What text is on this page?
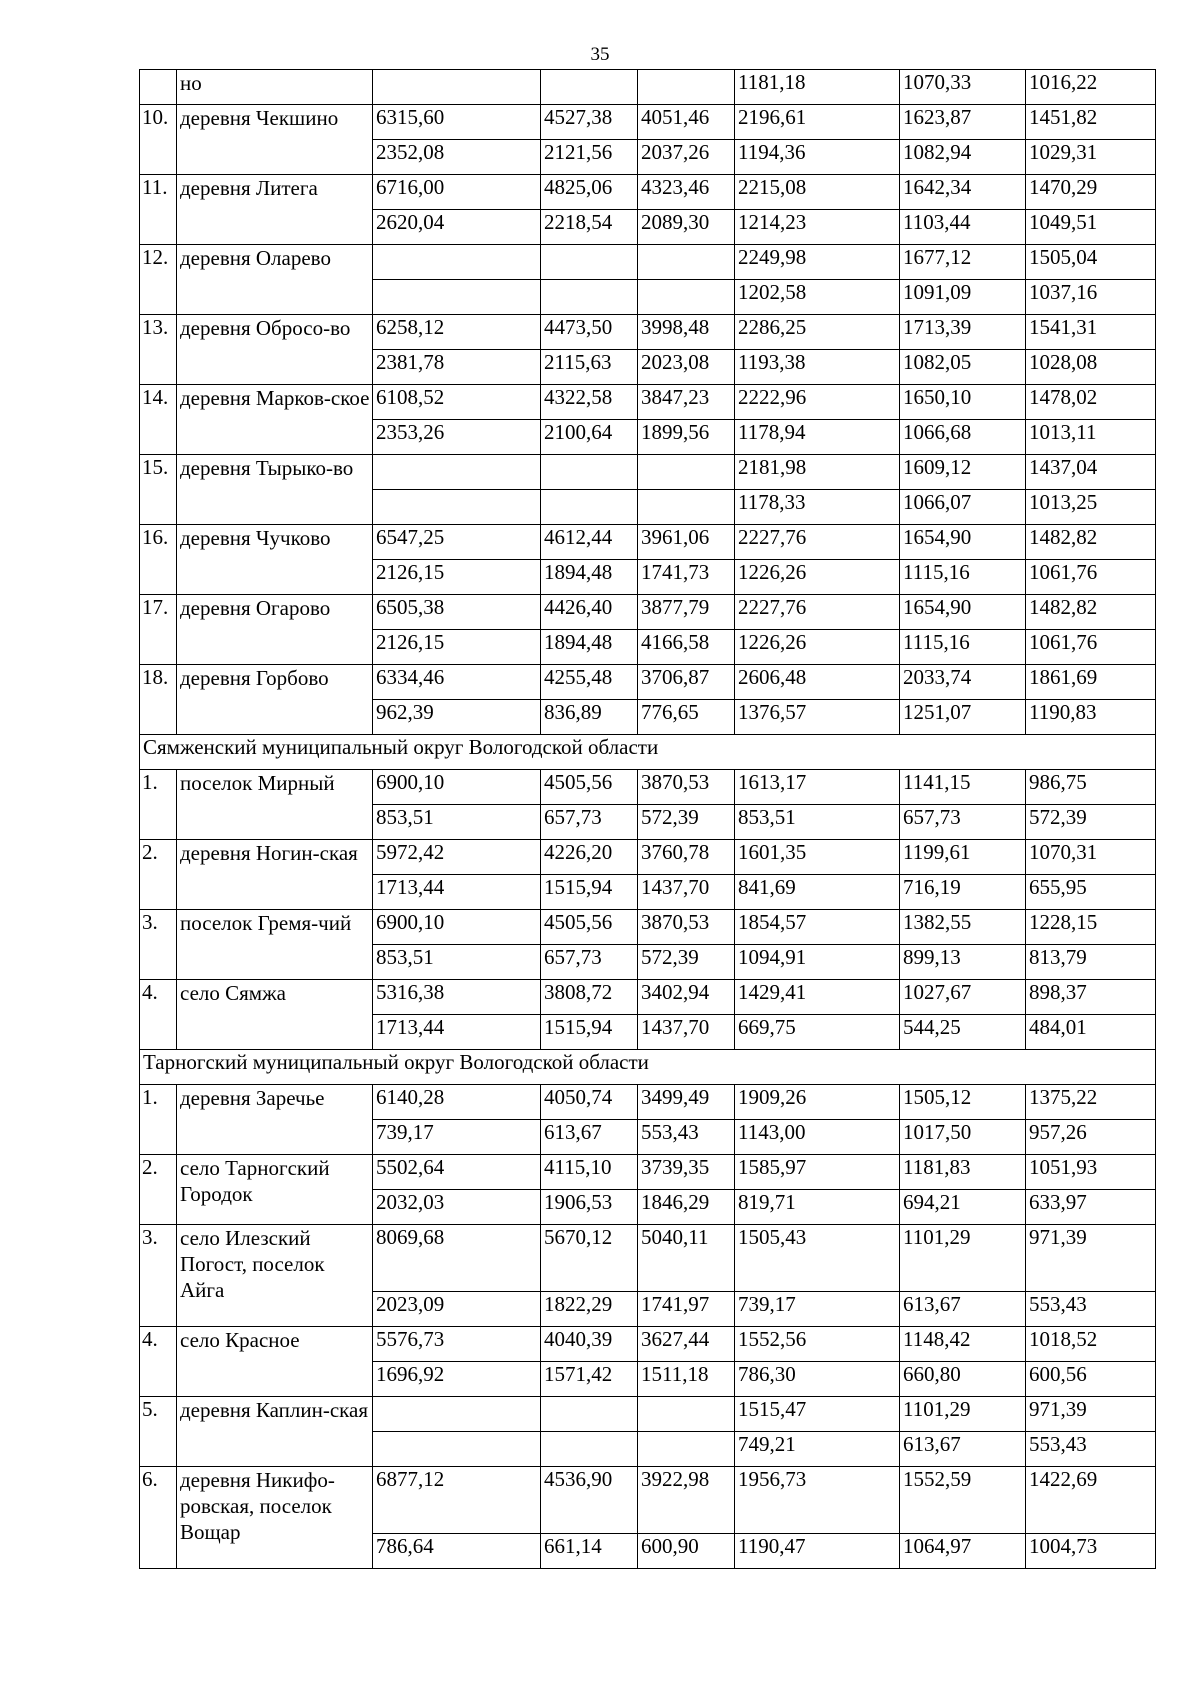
35
	но				1181,18	1070,33	1016,22
10.	деревня Чекшино	6315,60	4527,38	4051,46	2196,61	1623,87	1451,82
		2352,08	2121,56	2037,26	1194,36	1082,94	1029,31
11.	деревня Литега	6716,00	4825,06	4323,46	2215,08	1642,34	1470,29
		2620,04	2218,54	2089,30	1214,23	1103,44	1049,51
12.	деревня Оларево				2249,98	1677,12	1505,04
					1202,58	1091,09	1037,16
13.	деревня Обросо-во	6258,12	4473,50	3998,48	2286,25	1713,39	1541,31
		2381,78	2115,63	2023,08	1193,38	1082,05	1028,08
14.	деревня Марков-ское	6108,52	4322,58	3847,23	2222,96	1650,10	1478,02
		2353,26	2100,64	1899,56	1178,94	1066,68	1013,11
15.	деревня Тырыко-во				2181,98	1609,12	1437,04
					1178,33	1066,07	1013,25
16.	деревня Чучково	6547,25	4612,44	3961,06	2227,76	1654,90	1482,82
		2126,15	1894,48	1741,73	1226,26	1115,16	1061,76
17.	деревня Огарово	6505,38	4426,40	3877,79	2227,76	1654,90	1482,82
		2126,15	1894,48	4166,58	1226,26	1115,16	1061,76
18.	деревня Горбово	6334,46	4255,48	3706,87	2606,48	2033,74	1861,69
		962,39	836,89	776,65	1376,57	1251,07	1190,83
Сямженский муниципальный округ Вологодской области							
1.	поселок Мирный	6900,10	4505,56	3870,53	1613,17	1141,15	986,75
		853,51	657,73	572,39	853,51	657,73	572,39
2.	деревня Ногин-ская	5972,42	4226,20	3760,78	1601,35	1199,61	1070,31
		1713,44	1515,94	1437,70	841,69	716,19	655,95
3.	поселок Гремя-чий	6900,10	4505,56	3870,53	1854,57	1382,55	1228,15
		853,51	657,73	572,39	1094,91	899,13	813,79
4.	село Сямжа	5316,38	3808,72	3402,94	1429,41	1027,67	898,37
		1713,44	1515,94	1437,70	669,75	544,25	484,01
Тарногский муниципальный округ Вологодской области							
1.	деревня Заречье	6140,28	4050,74	3499,49	1909,26	1505,12	1375,22
		739,17	613,67	553,43	1143,00	1017,50	957,26
2.	село Тарногский Городок	5502,64	4115,10	3739,35	1585,97	1181,83	1051,93
		2032,03	1906,53	1846,29	819,71	694,21	633,97
3.	село Илезский Погост, поселок Айга	8069,68	5670,12	5040,11	1505,43	1101,29	971,39
		2023,09	1822,29	1741,97	739,17	613,67	553,43
4.	село Красное	5576,73	4040,39	3627,44	1552,56	1148,42	1018,52
		1696,92	1571,42	1511,18	786,30	660,80	600,56
5.	деревня Каплин-ская				1515,47	1101,29	971,39
					749,21	613,67	553,43
6.	деревня Никифо-ровская, поселок Вощар	6877,12	4536,90	3922,98	1956,73	1552,59	1422,69
		786,64	661,14	600,90	1190,47	1064,97	1004,73
